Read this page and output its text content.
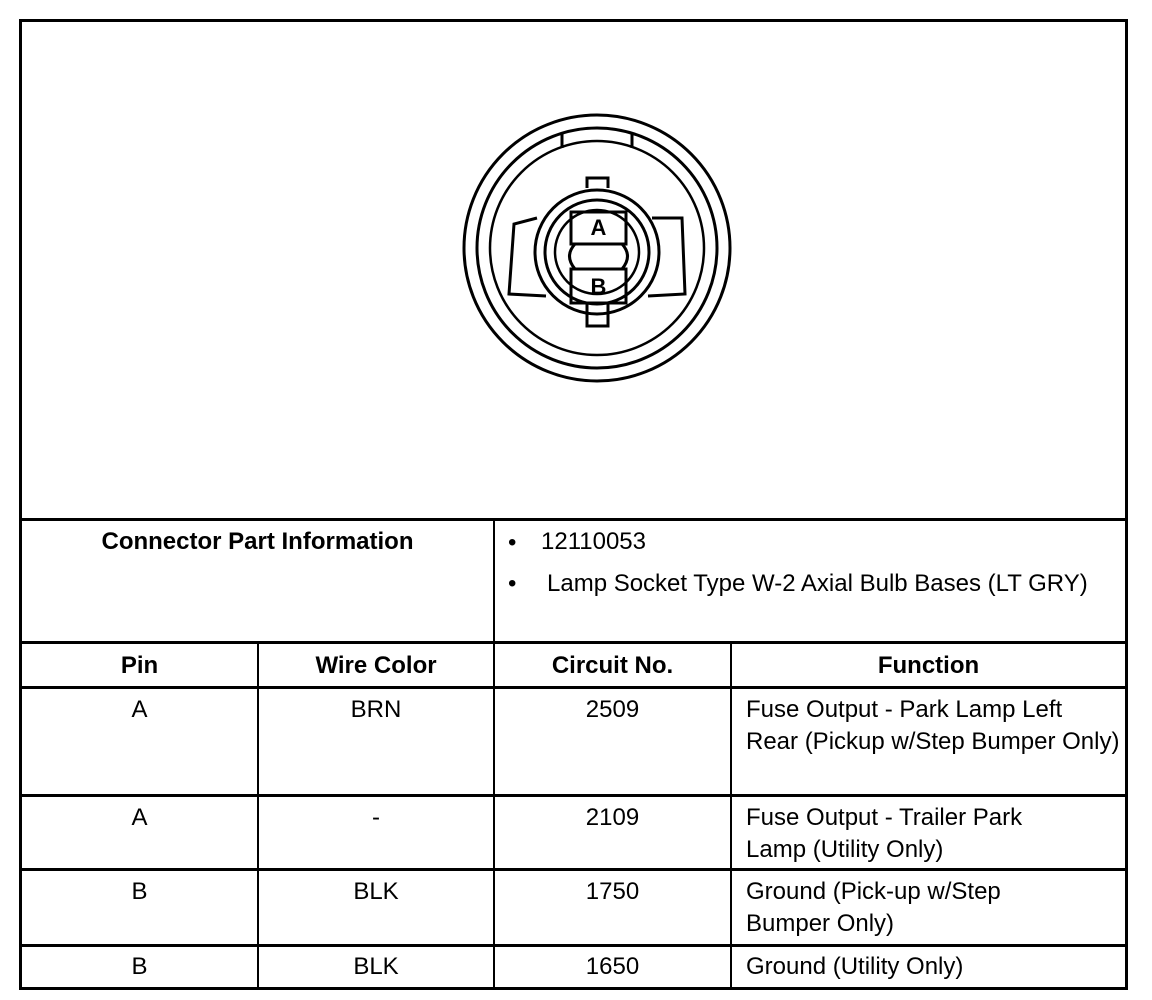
A
B
Connector Part Information	• 12110053
• Lamp Socket Type W-2 Axial Bulb Bases (LT GRY)
Pin	Wire Color	Circuit No.	Function
A	BRN	2509	Fuse Output - Park Lamp Left Rear (Pickup w/Step Bumper Only)
A	-	2109	Fuse Output - Trailer Park Lamp (Utility Only)
B	BLK	1750	Ground (Pick-up w/Step Bumper Only)
B	BLK	1650	Ground (Utility Only)
